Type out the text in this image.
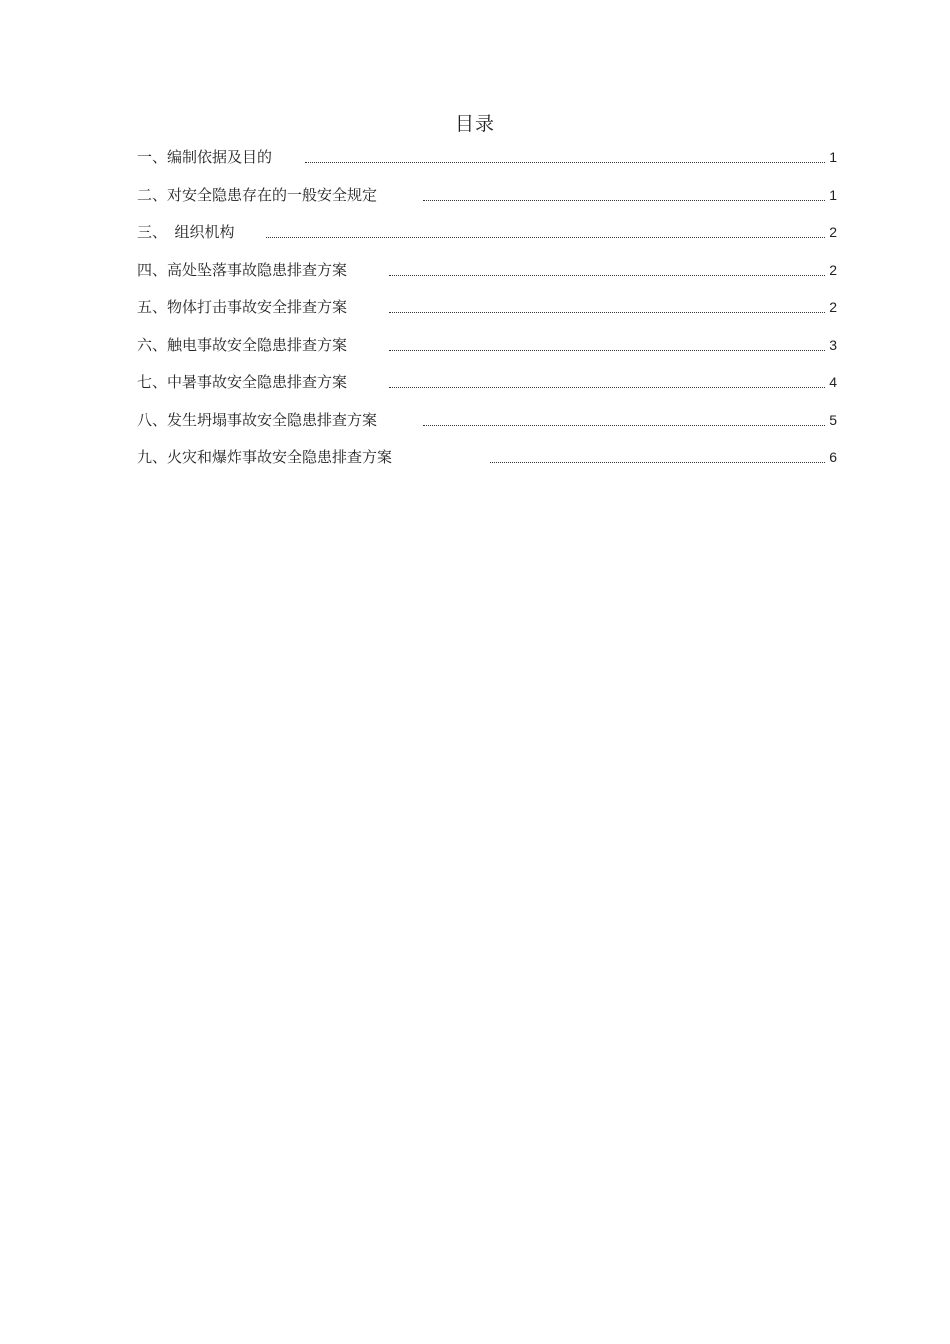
目录
一、编制依据及目的	1
二、对安全隐患存在的一般安全规定	1
三、　组织机构	2
四、高处坠落事故隐患排查方案	2
五、物体打击事故安全排查方案	2
六、触电事故安全隐患排查方案	3
七、中暑事故安全隐患排查方案	4
八、发生坍塌事故安全隐患排查方案	5
九、火灾和爆炸事故安全隐患排查方案	6
